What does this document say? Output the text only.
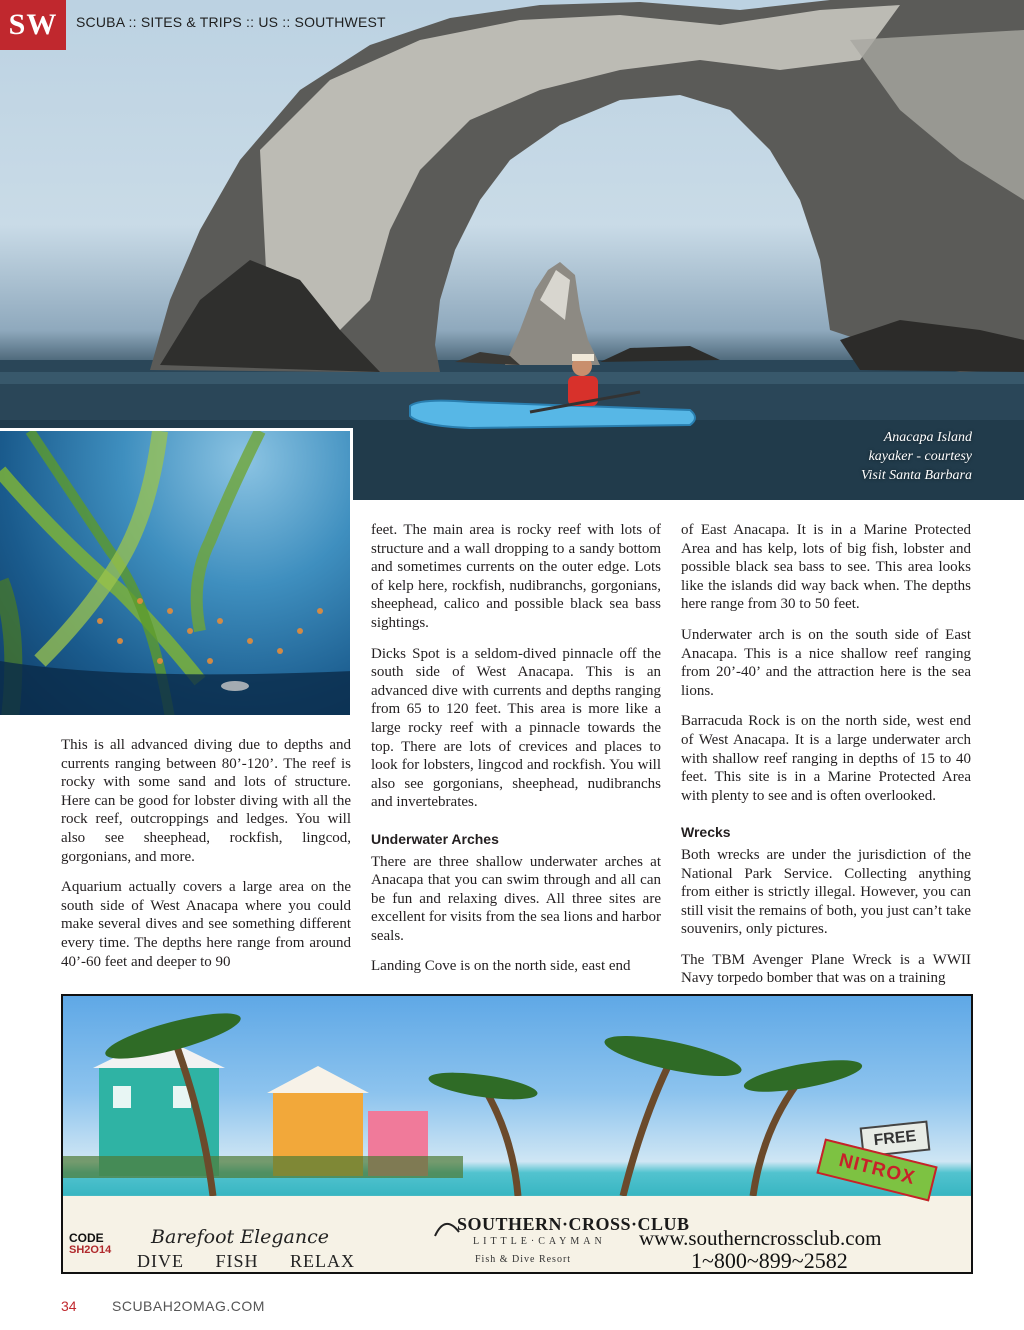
SW	SCUBA :: SITES & TRIPS :: US :: SOUTHWEST
Anacapa Island
kayaker - courtesy
Visit Santa Barbara

This is all advanced diving due to depths and currents ranging between 80’-120’. The reef is rocky with some sand and lots of structure. Here can be good for lobster diving with all the rock reef, outcroppings and ledges. You will also see sheephead, rockfish, lingcod, gorgonians, and more.

Aquarium actually covers a large area on the south side of West Anacapa where you could make several dives and see something different every time. The depths here range from around 40’-60 feet and deeper to 90

feet. The main area is rocky reef with lots of structure and a wall dropping to a sandy bottom and sometimes currents on the outer edge. Lots of kelp here, rockfish, nudibranchs, gorgonians, sheephead, calico and possible black sea bass sightings.

Dicks Spot is a seldom-dived pinnacle off the south side of West Anacapa. This is an advanced dive with currents and depths ranging from 65 to 120 feet. This area is more like a large rocky reef with a pinnacle towards the top. There are lots of crevices and places to look for lobsters, lingcod and rockfish. You will also see gorgonians, sheephead, nudibranchs and invertebrates.

Underwater Arches

There are three shallow underwater arches at Anacapa that you can swim through and all can be fun and relaxing dives. All three sites are excellent for visits from the sea lions and harbor seals.

Landing Cove is on the north side, east end

of East Anacapa. It is in a Marine Protected Area and has kelp, lots of big fish, lobster and possible black sea bass to see. This area looks like the islands did way back when. The depths here range from 30 to 50 feet.

Underwater arch is on the south side of East Anacapa. This is a nice shallow reef ranging from 20’-40’ and the attraction here is the sea lions.

Barracuda Rock is on the north side, west end of West Anacapa. It is a large underwater arch with shallow reef ranging in depths of 15 to 40 feet. This site is in a Marine Protected Area with plenty to see and is often overlooked.

Wrecks

Both wrecks are under the jurisdiction of the National Park Service. Collecting anything from either is strictly illegal. However, you can still visit the remains of both, you just can’t take souvenirs, only pictures.

The TBM Avenger Plane Wreck is a WWII Navy torpedo bomber that was on a training

CODE
SH2O14
Barefoot Elegance
DIVE FISH RELAX
SOUTHERN·CROSS·CLUB
LITTLE·CAYMAN
Fish & Dive Resort
www.southerncrossclub.com
1~800~899~2582
FREE
NITROX
34	SCUBAH2OMAG.COM
